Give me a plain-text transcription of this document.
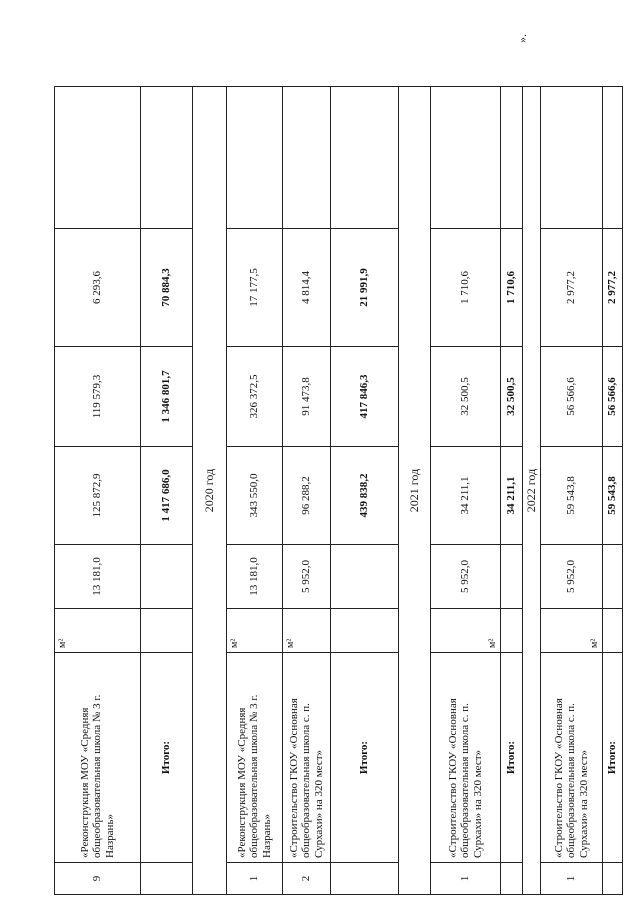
9	«Реконструкция МОУ «Средняя общеобразовательная школа № 3 г. Назрань»	м²	13 181,0	125 872,9	119 579,3	6 293,6	
	Итого:			1 417 686,0	1 346 801,7	70 884,3	
2020 год							
1	«Реконструкция МОУ «Средняя общеобразовательная школа № 3 г. Назрань»	м²	13 181,0	343 550,0	326 372,5	17 177,5	
2	«Строительство ГКОУ «Основная общеобразовательная школа с. п. Сурхахи» на 320 мест»	м²	5 952,0	96 288,2	91 473,8	4 814,4	
	Итого:			439 838,2	417 846,3	21 991,9	
2021 год							
1	«Строительство ГКОУ «Основная общеобразовательная школа с. п. Сурхахи» на 320 мест»	м²	5 952,0	34 211,1	32 500,5	1 710,6	
	Итого:			34 211,1	32 500,5	1 710,6	
2022 год							
1	«Строительство ГКОУ «Основная общеобразовательная школа с. п. Сурхахи» на 320 мест»	м²	5 952,0	59 543,8	56 566,6	2 977,2	
	Итого:			59 543,8	56 566,6	2 977,2	
».
